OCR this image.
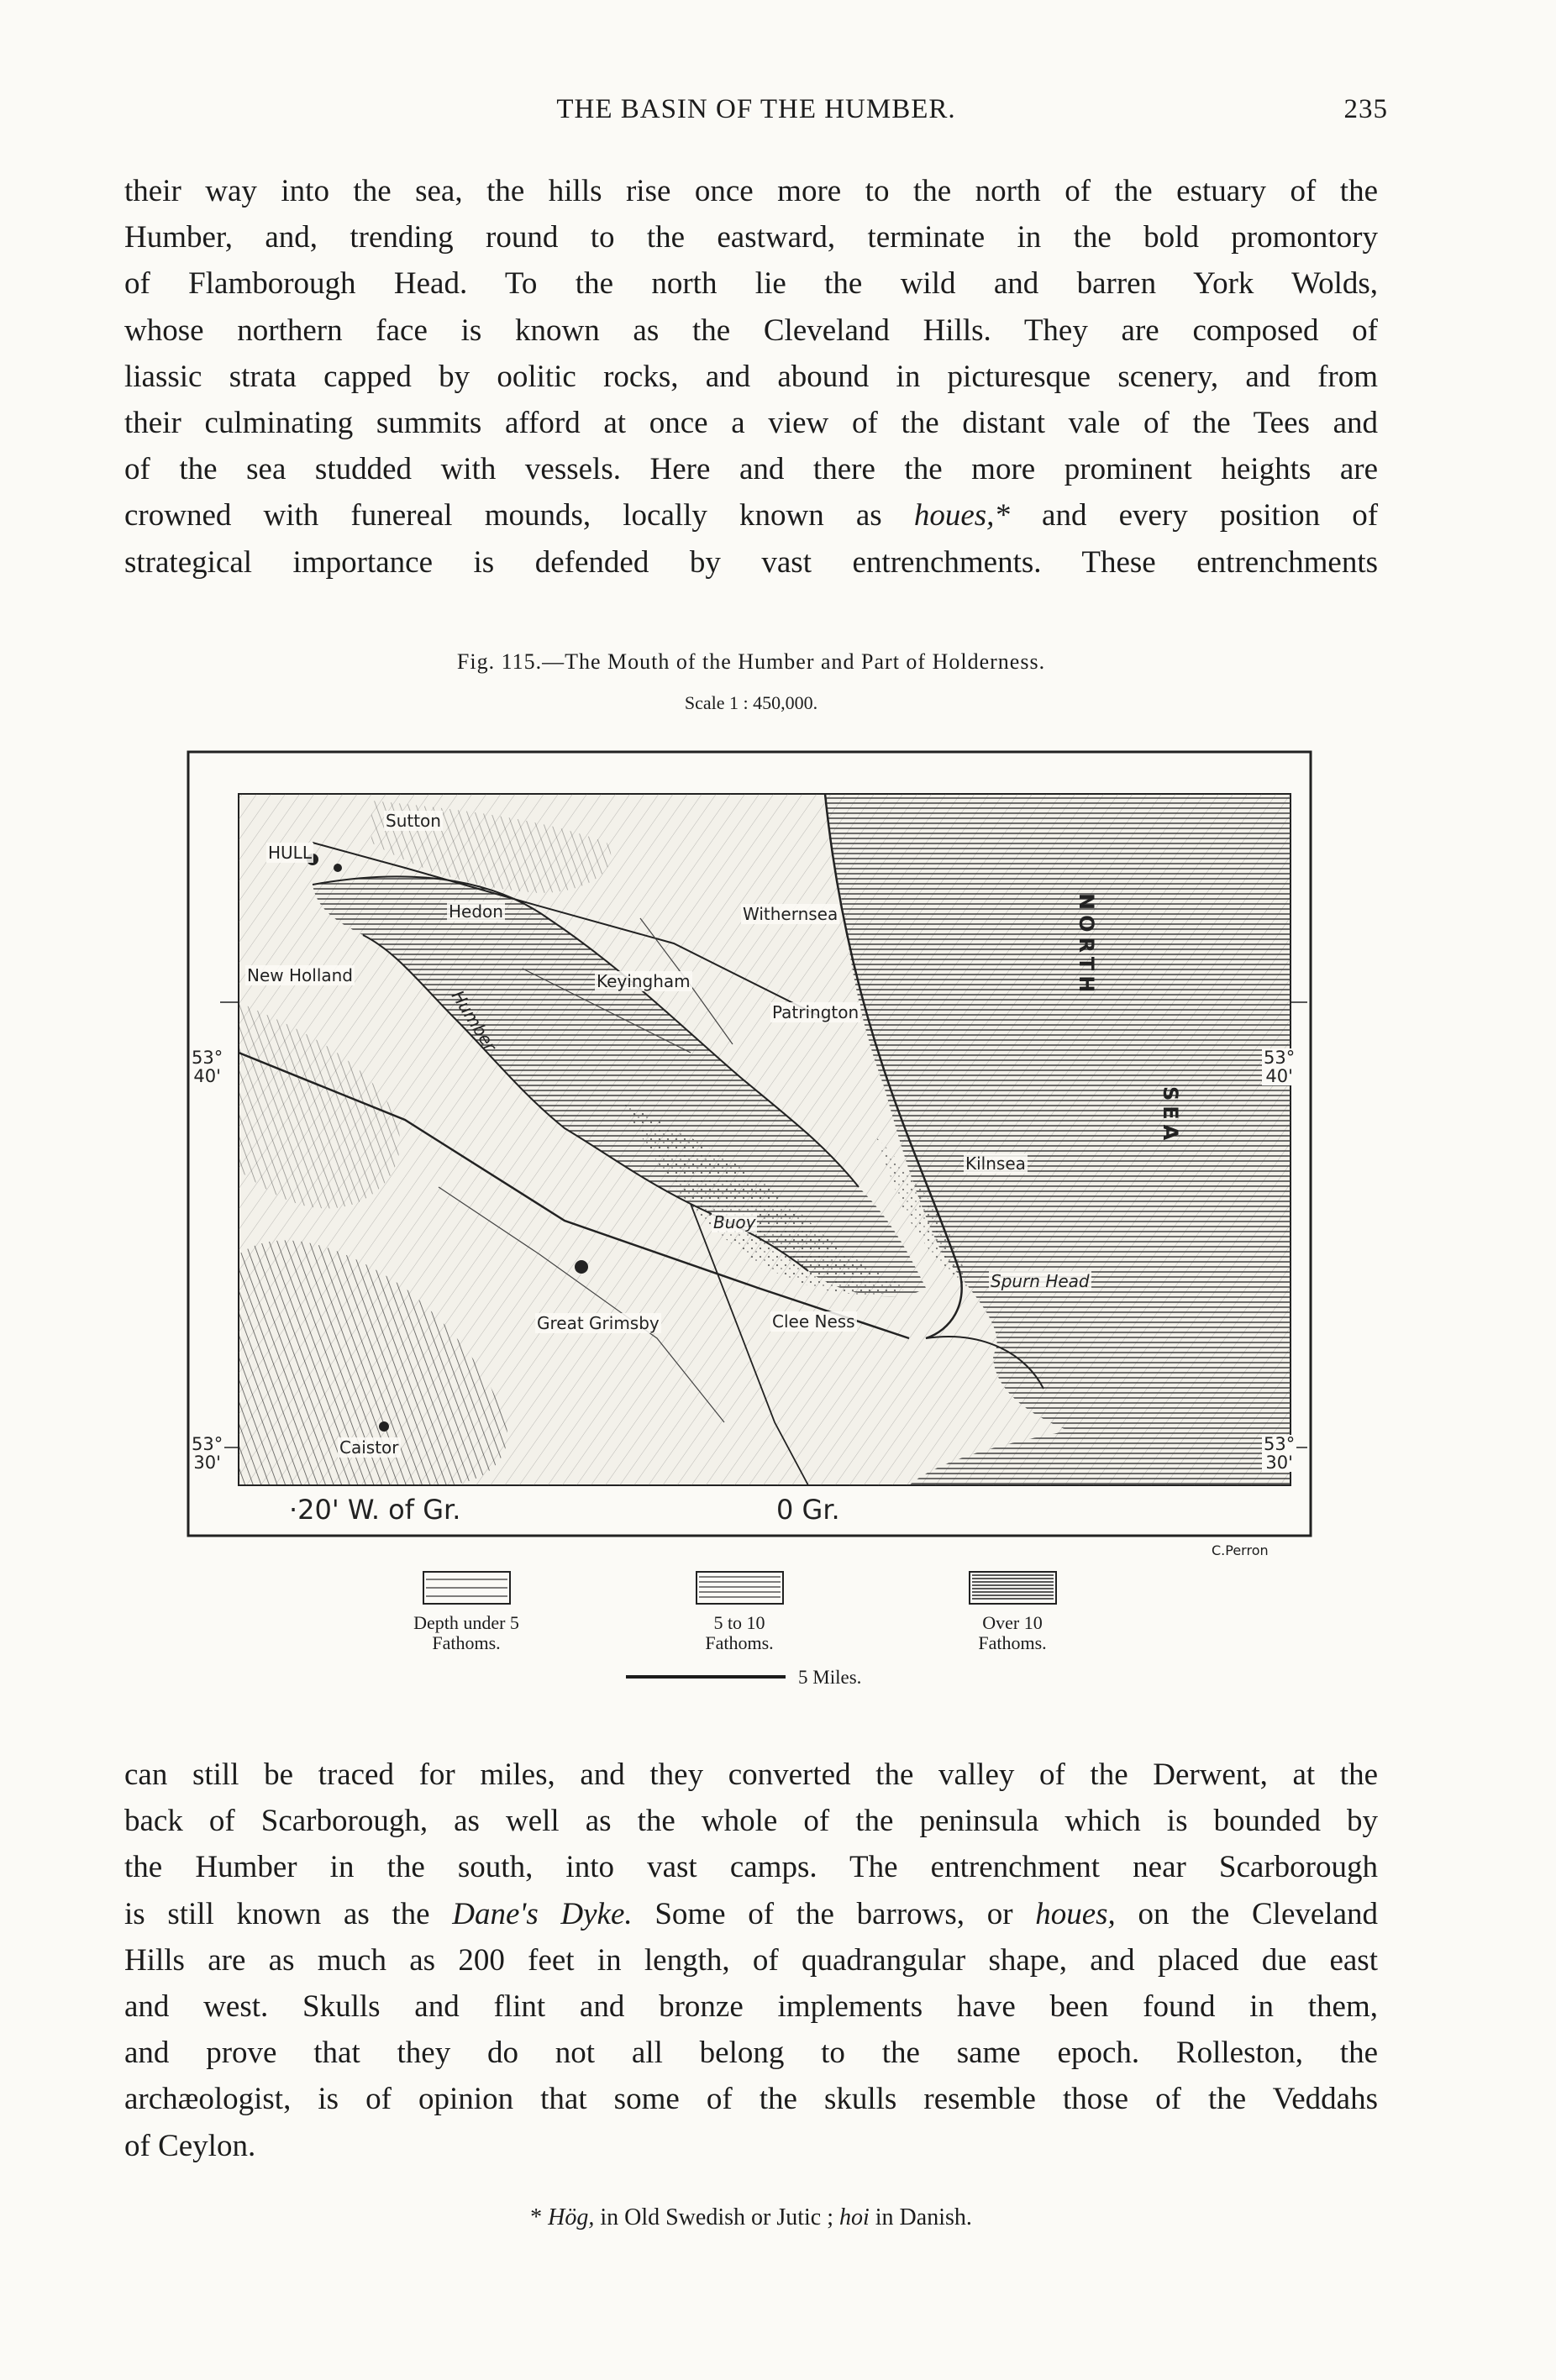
THE BASIN OF THE HUMBER.	235
their way into the sea, the hills rise once more to the north of the estuary of the
Humber, and, trending round to the eastward, terminate in the bold promontory
of Flamborough Head. To the north lie the wild and barren York Wolds,
whose northern face is known as the Cleveland Hills. They are composed of
liassic strata capped by oolitic rocks, and abound in picturesque scenery, and from
their culminating summits afford at once a view of the distant vale of the Tees and
of the sea studded with vessels. Here and there the more prominent heights are
crowned with funereal mounds, locally known as houes,* and every position of
strategical importance is defended by vast entrenchments. These entrenchments
Fig. 115.—The Mouth of the Humber and Part of Holderness.
Scale 1 : 450,000.
HULL
Sutton
Hedon	Withernsea
New Holland	Keyingham
Humber	Patrington
Kilnsea
Buoy
Spurn Head
Great Grimsby	Clee Ness
Caistor
NORTH
SEA
53°
40'
53°
30'
53°
40'
53°
30'
·20' W. of Gr.	0 Gr.
C.Perron
Depth under 5
Fathoms.
5 to 10
Fathoms.
Over 10
Fathoms.
5 Miles.
can still be traced for miles, and they converted the valley of the Derwent, at the
back of Scarborough, as well as the whole of the peninsula which is bounded by
the Humber in the south, into vast camps. The entrenchment near Scarborough
is still known as the Dane's Dyke. Some of the barrows, or houes, on the Cleveland
Hills are as much as 200 feet in length, of quadrangular shape, and placed due east
and west. Skulls and flint and bronze implements have been found in them,
and prove that they do not all belong to the same epoch. Rolleston, the
archæologist, is of opinion that some of the skulls resemble those of the Veddahs
of Ceylon.
* Hög, in Old Swedish or Jutic ; hoi in Danish.
